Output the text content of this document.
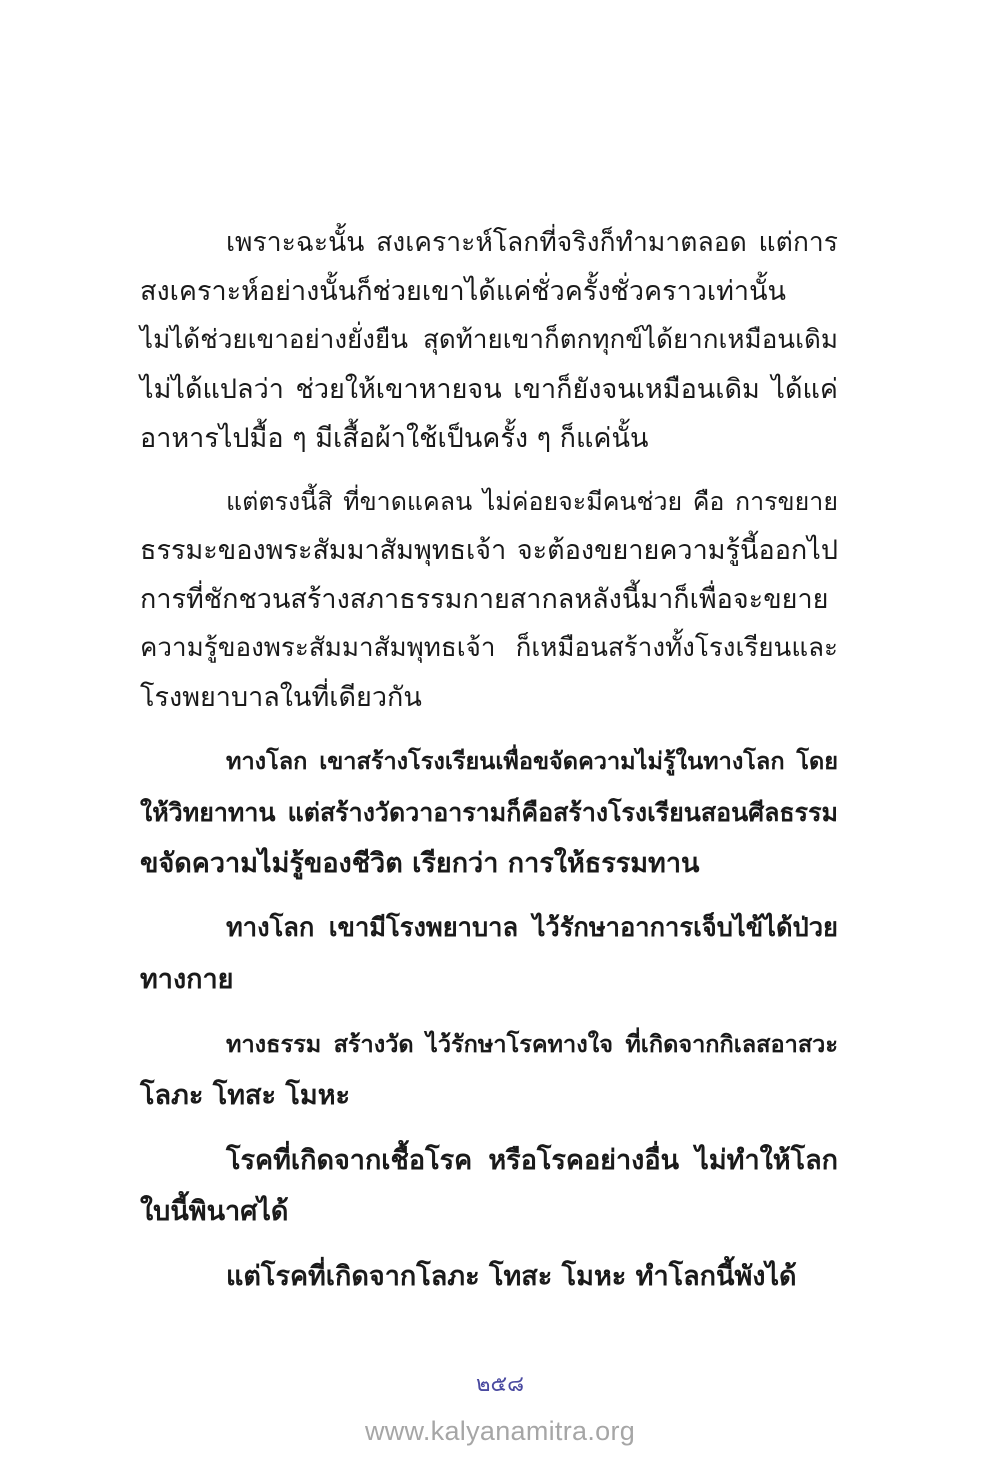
เพราะฉะนั้น สงเคราะห์โลกที่จริงก็ทำมาตลอด แต่การ
สงเคราะห์อย่างนั้นก็ช่วยเขาได้แค่ชั่วครั้งชั่วคราวเท่านั้น
ไม่ได้ช่วยเขาอย่างยั่งยืน สุดท้ายเขาก็ตกทุกข์ได้ยากเหมือนเดิม
ไม่ได้แปลว่า ช่วยให้เขาหายจน เขาก็ยังจนเหมือนเดิม ได้แค่
อาหารไปมื้อ ๆ มีเสื้อผ้าใช้เป็นครั้ง ๆ ก็แค่นั้น
แต่ตรงนี้สิ ที่ขาดแคลน ไม่ค่อยจะมีคนช่วย คือ การขยาย
ธรรมะของพระสัมมาสัมพุทธเจ้า จะต้องขยายความรู้นี้ออกไป
การที่ชักชวนสร้างสภาธรรมกายสากลหลังนี้มาก็เพื่อจะขยาย
ความรู้ของพระสัมมาสัมพุทธเจ้า ก็เหมือนสร้างทั้งโรงเรียนและ
โรงพยาบาลในที่เดียวกัน
ทางโลก เขาสร้างโรงเรียนเพื่อขจัดความไม่รู้ในทางโลก โดย
ให้วิทยาทาน แต่สร้างวัดวาอารามก็คือสร้างโรงเรียนสอนศีลธรรม
ขจัดความไม่รู้ของชีวิต เรียกว่า การให้ธรรมทาน
ทางโลก เขามีโรงพยาบาล ไว้รักษาอาการเจ็บไข้ได้ป่วย
ทางกาย
ทางธรรม สร้างวัด ไว้รักษาโรคทางใจ ที่เกิดจากกิเลสอาสวะ
โลภะ โทสะ โมหะ
โรคที่เกิดจากเชื้อโรค หรือโรคอย่างอื่น ไม่ทำให้โลก
ใบนี้พินาศได้
แต่โรคที่เกิดจากโลภะ โทสะ โมหะ ทำโลกนี้พังได้
๒๕๘
www.kalyanamitra.org
